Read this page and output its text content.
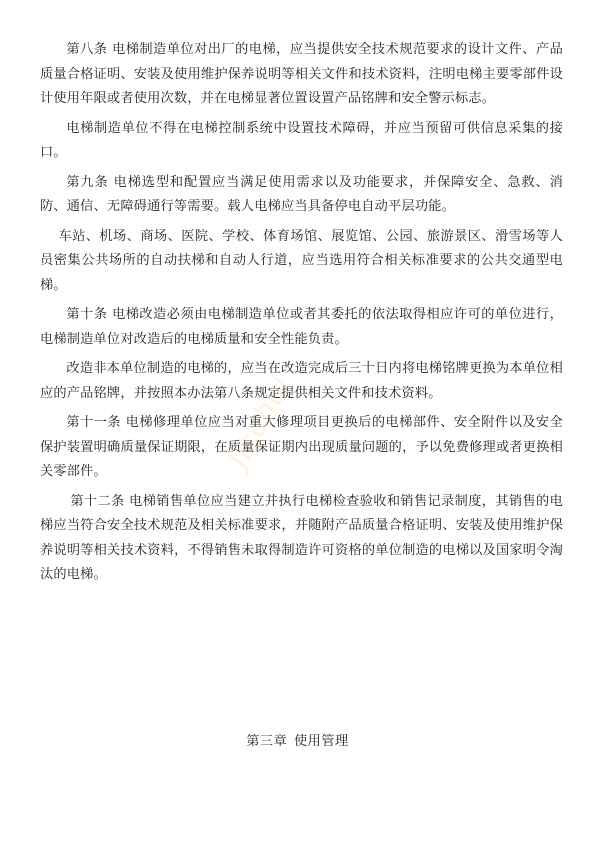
第八条 电梯制造单位对出厂的电梯，应当提供安全技术规范要求的设计文件、产品质量合格证明、安装及使用维护保养说明等相关文件和技术资料，注明电梯主要零部件设计使用年限或者使用次数，并在电梯显著位置设置产品铭牌和安全警示标志。

电梯制造单位不得在电梯控制系统中设置技术障碍，并应当预留可供信息采集的接口。

第九条 电梯选型和配置应当满足使用需求以及功能要求，并保障安全、急救、消防、通信、无障碍通行等需要。载人电梯应当具备停电自动平层功能。

车站、机场、商场、医院、学校、体育场馆、展览馆、公园、旅游景区、滑雪场等人员密集公共场所的自动扶梯和自动人行道，应当选用符合相关标准要求的公共交通型电梯。

第十条 电梯改造必须由电梯制造单位或者其委托的依法取得相应许可的单位进行，电梯制造单位对改造后的电梯质量和安全性能负责。

改造非本单位制造的电梯的，应当在改造完成后三十日内将电梯铭牌更换为本单位相应的产品铭牌，并按照本办法第八条规定提供相关文件和技术资料。

第十一条 电梯修理单位应当对重大修理项目更换后的电梯部件、安全附件以及安全保护装置明确质量保证期限，在质量保证期内出现质量问题的，予以免费修理或者更换相关零部件。

第十二条 电梯销售单位应当建立并执行电梯检查验收和销售记录制度，其销售的电梯应当符合安全技术规范及相关标准要求，并随附产品质量合格证明、安装及使用维护保养说明等相关技术资料，不得销售未取得制造许可资格的单位制造的电梯以及国家明令淘汰的电梯。

第三章 使用管理
Jicohui
